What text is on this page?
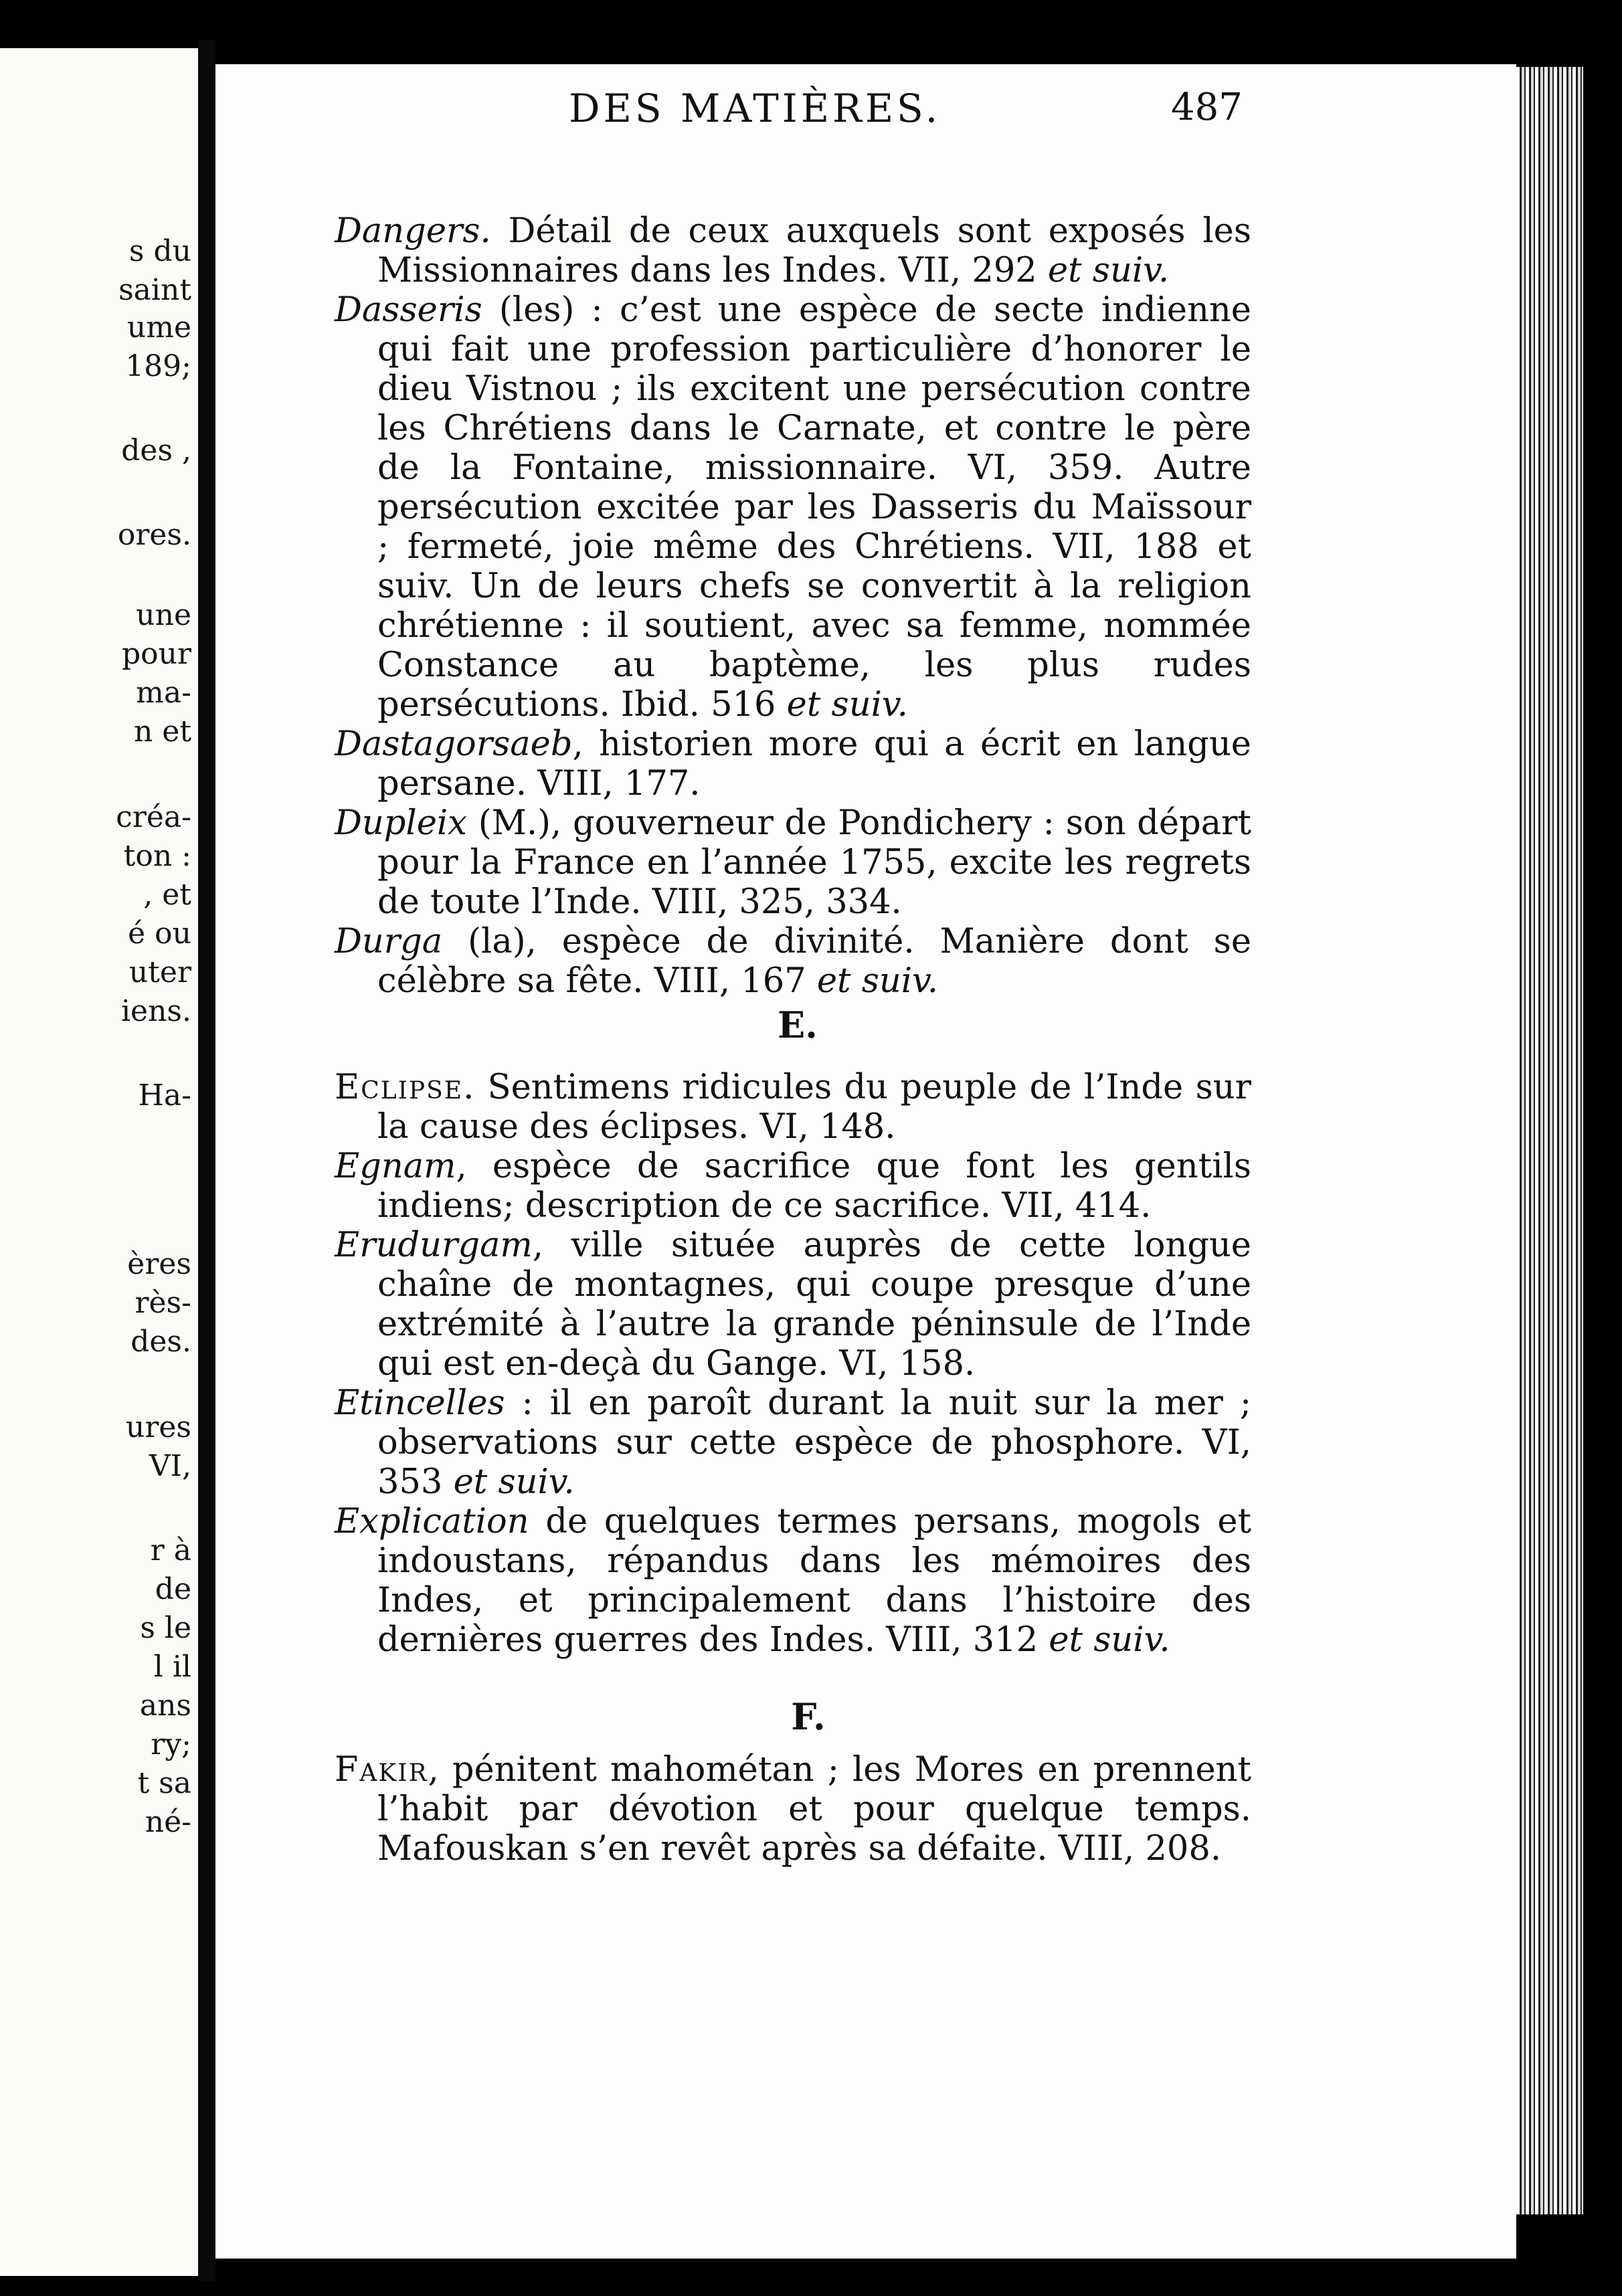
s du
saint
ume
189;
des ,
ores.
une
pour
ma-
n et
créa-
ton :
, et
é ou
uter
iens.
Ha-
ères
rès-
des.
ures
VI,
r à
de
s le
l il
ans
ry;
t sa
né-
›
DES MATIÈRES.	487

Dangers. Détail de ceux auxquels sont exposés les Missionnaires dans les Indes. VII, 292 et suiv.

Dasseris (les) : c’est une espèce de secte indienne qui fait une profession particulière d’honorer le dieu Vistnou ; ils excitent une persécution contre les Chrétiens dans le Carnate, et contre le père de la Fontaine, missionnaire. VI, 359. Autre persécution excitée par les Dasseris du Maïssour ; fermeté, joie même des Chrétiens. VII, 188 et suiv. Un de leurs chefs se convertit à la religion chrétienne : il soutient, avec sa femme, nommée Constance au baptème, les plus rudes persécutions. Ibid. 516 et suiv.

Dastagorsaeb, historien more qui a écrit en langue persane. VIII, 177.

Dupleix (M.), gouverneur de Pondichery : son départ pour la France en l’année 1755, excite les regrets de toute l’Inde. VIII, 325, 334.

Durga (la), espèce de divinité. Manière dont se célèbre sa fête. VIII, 167 et suiv.

E.

Eclipse. Sentimens ridicules du peuple de l’Inde sur la cause des éclipses. VI, 148.

Egnam, espèce de sacrifice que font les gentils indiens; description de ce sacrifice. VII, 414.

Erudurgam, ville située auprès de cette longue chaîne de montagnes, qui coupe presque d’une extrémité à l’autre la grande péninsule de l’Inde qui est en-deçà du Gange. VI, 158.

Etincelles : il en paroît durant la nuit sur la mer ; observations sur cette espèce de phosphore. VI, 353 et suiv.

Explication de quelques termes persans, mogols et indoustans, répandus dans les mémoires des Indes, et principalement dans l’histoire des dernières guerres des Indes. VIII, 312 et suiv.

F.

Fakir, pénitent mahométan ; les Mores en prennent l’habit par dévotion et pour quelque temps. Mafouskan s’en revêt après sa défaite. VIII, 208.
